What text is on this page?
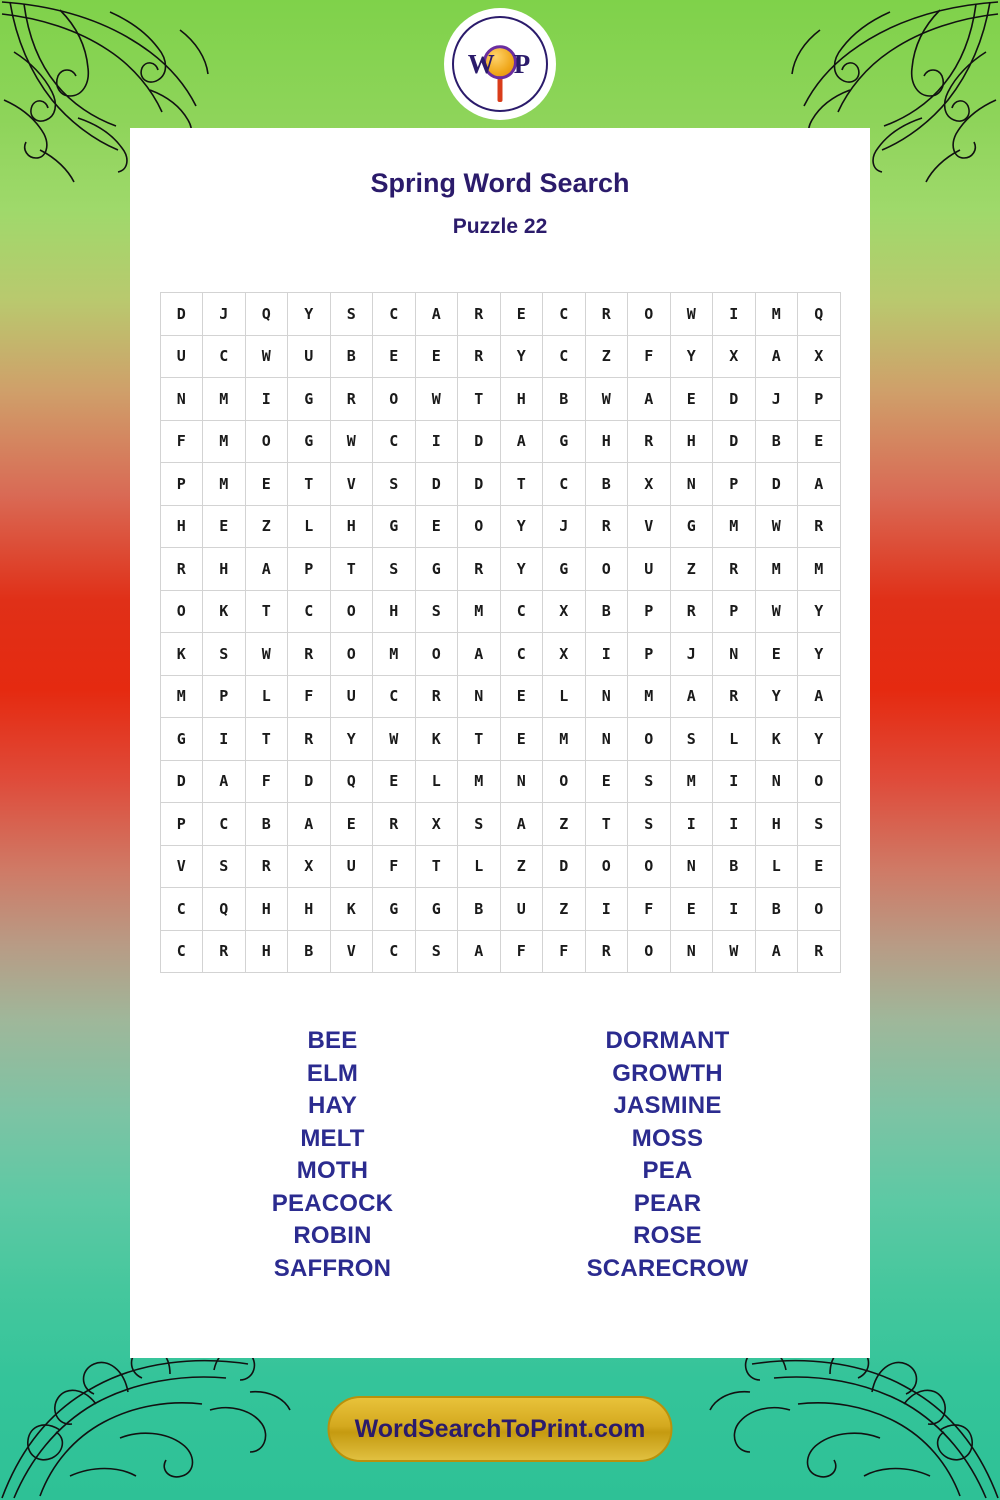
W P
Spring Word Search
Puzzle 22
D	J	Q	Y	S	C	A	R	E	C	R	O	W	I	M	Q
U	C	W	U	B	E	E	R	Y	C	Z	F	Y	X	A	X
N	M	I	G	R	O	W	T	H	B	W	A	E	D	J	P
F	M	O	G	W	C	I	D	A	G	H	R	H	D	B	E
P	M	E	T	V	S	D	D	T	C	B	X	N	P	D	A
H	E	Z	L	H	G	E	O	Y	J	R	V	G	M	W	R
R	H	A	P	T	S	G	R	Y	G	O	U	Z	R	M	M
O	K	T	C	O	H	S	M	C	X	B	P	R	P	W	Y
K	S	W	R	O	M	O	A	C	X	I	P	J	N	E	Y
M	P	L	F	U	C	R	N	E	L	N	M	A	R	Y	A
G	I	T	R	Y	W	K	T	E	M	N	O	S	L	K	Y
D	A	F	D	Q	E	L	M	N	O	E	S	M	I	N	O
P	C	B	A	E	R	X	S	A	Z	T	S	I	I	H	S
V	S	R	X	U	F	T	L	Z	D	O	O	N	B	L	E
C	Q	H	H	K	G	G	B	U	Z	I	F	E	I	B	O
C	R	H	B	V	C	S	A	F	F	R	O	N	W	A	R
BEE
ELM
HAY
MELT
MOTH
PEACOCK
ROBIN
SAFFRON
DORMANT
GROWTH
JASMINE
MOSS
PEA
PEAR
ROSE
SCARECROW
WordSearchToPrint.com
